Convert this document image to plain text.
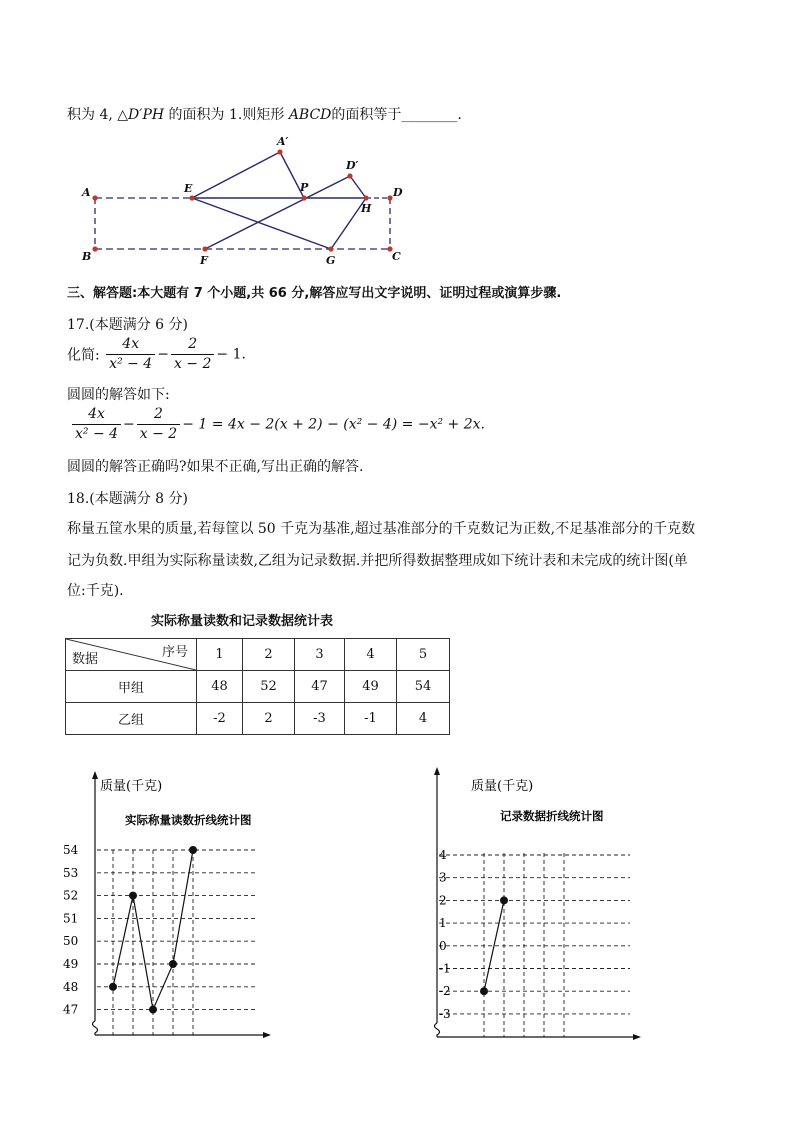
积为 4, △D′PH 的面积为 1.则矩形 ABCD的面积等于________.
A
B	C
D
E
F	G
H
P
A′
D′
三、解答题:本大题有 7 个小题,共 66 分,解答应写出文字说明、证明过程或演算步骤.
17.(本题满分 6 分)
化简: $\frac{4x}{\text{x² − 4}} - \frac{2}{x - 2} - 1$.
圆圆的解答如下:
$\frac{4x}{\text{x² − 4}} - \frac{2}{x - 2} - 1 = 4x - 2(x + 2) - (x^2 - 4) = -x^2 + 2x$.
圆圆的解答正确吗?如果不正确,写出正确的解答.
18.(本题满分 8 分)
称量五筐水果的质量,若每筐以 50 千克为基准,超过基准部分的千克数记为正数,不足基准部分的千克数
记为负数.甲组为实际称量读数,乙组为记录数据.并把所得数据整理成如下统计表和未完成的统计图(单
位:千克).
实际称量读数和记录数据统计表
数据 序号	1	2	3	4	5
甲组	48	52	47	49	54
乙组	-2	2	-3	-1	4
质量(千克)
实际称量读数折线统计图
54
53
52
51
50
49
48
47
质量(千克)
记录数据折线统计图
4
3
2
1
0
-1
-2
-3
